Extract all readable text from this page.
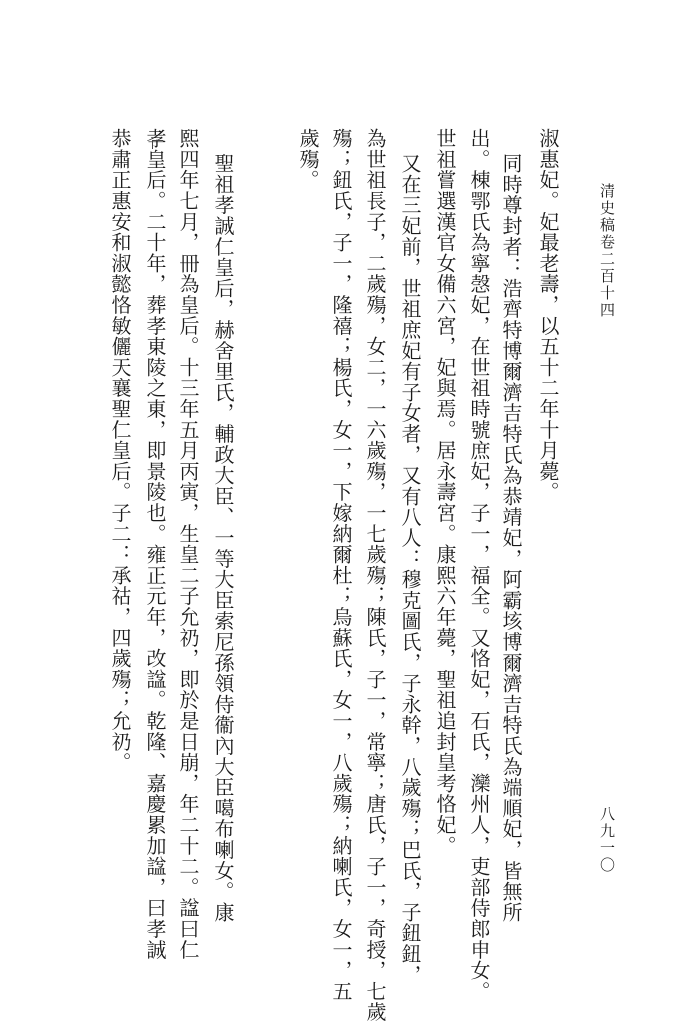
清史稿卷二百十四
八九一〇
淑惠妃。妃最老壽，以五十二年十月薨。
同時尊封者：浩齊特博爾濟吉特氏為恭靖妃，阿霸垓博爾濟吉特氏為端順妃，皆無所
出。棟鄂氏為寧愨妃，在世祖時號庶妃，子一，福全。又恪妃，石氏，灤州人，吏部侍郎申女。
世祖嘗選漢官女備六宮，妃與焉。居永壽宮。康熙六年薨，聖祖追封皇考恪妃。
又在三妃前，世祖庶妃有子女者，又有八人：穆克圖氏，子永幹，八歲殤；巴氏，子鈕鈕，
為世祖長子，二歲殤，女二，一六歲殤，一七歲殤；陳氏，子一，常寧；唐氏，子一，奇授，七歲
殤；鈕氏，子一，隆禧；楊氏，女一，下嫁納爾杜；烏蘇氏，女一，八歲殤；納喇氏，女一，五
歲殤。
聖祖孝誠仁皇后，赫舍里氏，輔政大臣、一等大臣索尼孫領侍衞內大臣噶布喇女。康
熙四年七月，冊為皇后。十三年五月丙寅，生皇二子允礽，即於是日崩，年二十二。諡曰仁
孝皇后。二十年，葬孝東陵之東，即景陵也。雍正元年，改諡。乾隆、嘉慶累加諡，曰孝誠
恭肅正惠安和淑懿恪敏儷天襄聖仁皇后。子二：承祜，四歲殤；允礽。
